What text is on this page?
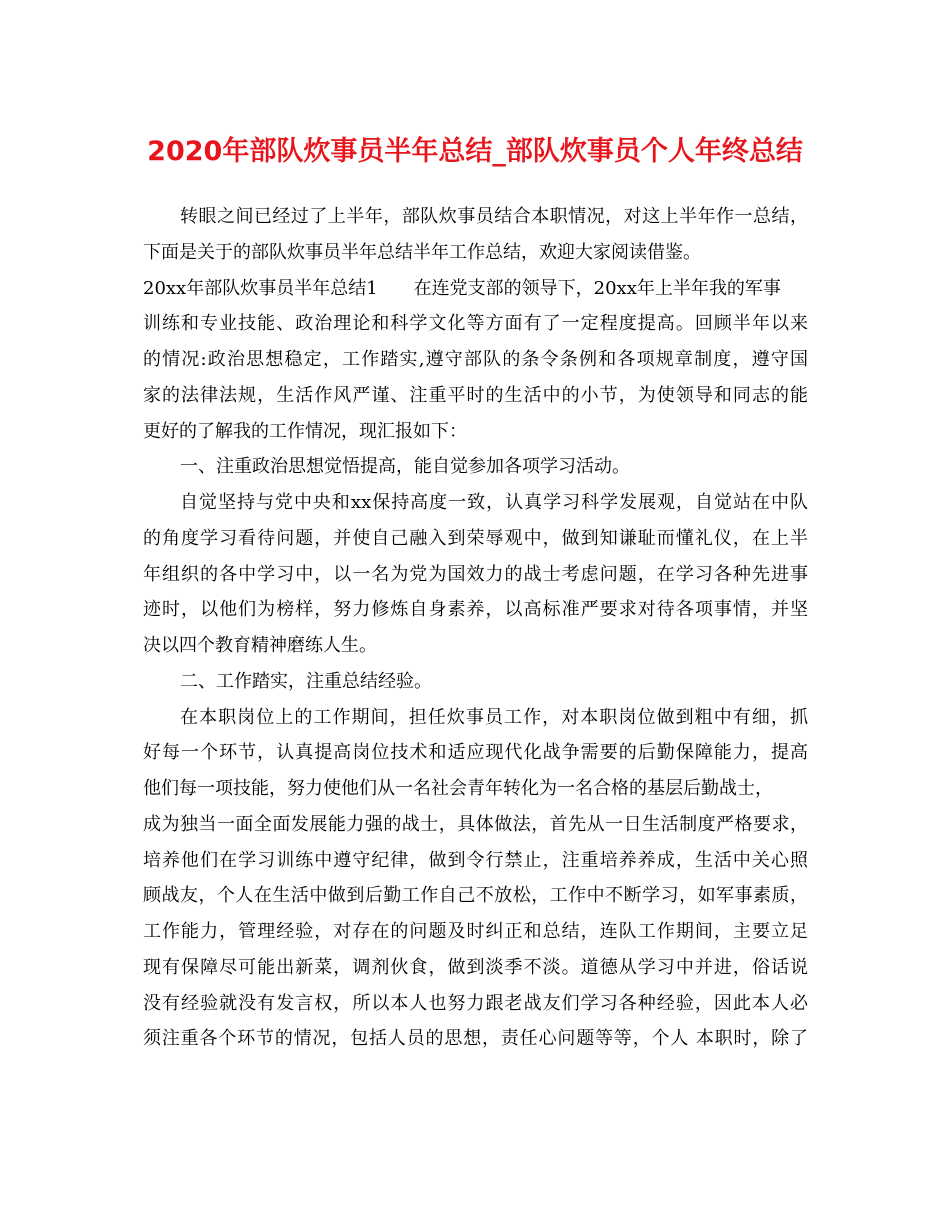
2020年部队炊事员半年总结_部队炊事员个人年终总结
转眼之间已经过了上半年，部队炊事员结合本职情况，对这上半年作一总结，
下面是关于的部队炊事员半年总结半年工作总结，欢迎大家阅读借鉴。
20xx年部队炊事员半年总结1　　在连党支部的领导下，20xx年上半年我的军事
训练和专业技能、政治理论和科学文化等方面有了一定程度提高。回顾半年以来
的情况:政治思想稳定，工作踏实,遵守部队的条令条例和各项规章制度，遵守国
家的法律法规，生活作风严谨、注重平时的生活中的小节，为使领导和同志的能
更好的了解我的工作情况，现汇报如下：
一、注重政治思想觉悟提高，能自觉参加各项学习活动。
自觉坚持与党中央和xx保持高度一致，认真学习科学发展观，自觉站在中队
的角度学习看待问题，并使自己融入到荣辱观中，做到知谦耻而懂礼仪，在上半
年组织的各中学习中，以一名为党为国效力的战士考虑问题，在学习各种先进事
迹时，以他们为榜样，努力修炼自身素养，以高标准严要求对待各项事情，并坚
决以四个教育精神磨练人生。
二、工作踏实，注重总结经验。
在本职岗位上的工作期间，担任炊事员工作，对本职岗位做到粗中有细，抓
好每一个环节，认真提高岗位技术和适应现代化战争需要的后勤保障能力，提高
他们每一项技能，努力使他们从一名社会青年转化为一名合格的基层后勤战士，
成为独当一面全面发展能力强的战士，具体做法，首先从一日生活制度严格要求，
培养他们在学习训练中遵守纪律，做到令行禁止，注重培养养成，生活中关心照
顾战友，个人在生活中做到后勤工作自己不放松，工作中不断学习，如军事素质，
工作能力，管理经验，对存在的问题及时纠正和总结，连队工作期间，主要立足
现有保障尽可能出新菜，调剂伙食，做到淡季不淡。道德从学习中并进，俗话说
没有经验就没有发言权，所以本人也努力跟老战友们学习各种经验，因此本人必
须注重各个环节的情况，包括人员的思想，责任心问题等等，个人 本职时，除了
